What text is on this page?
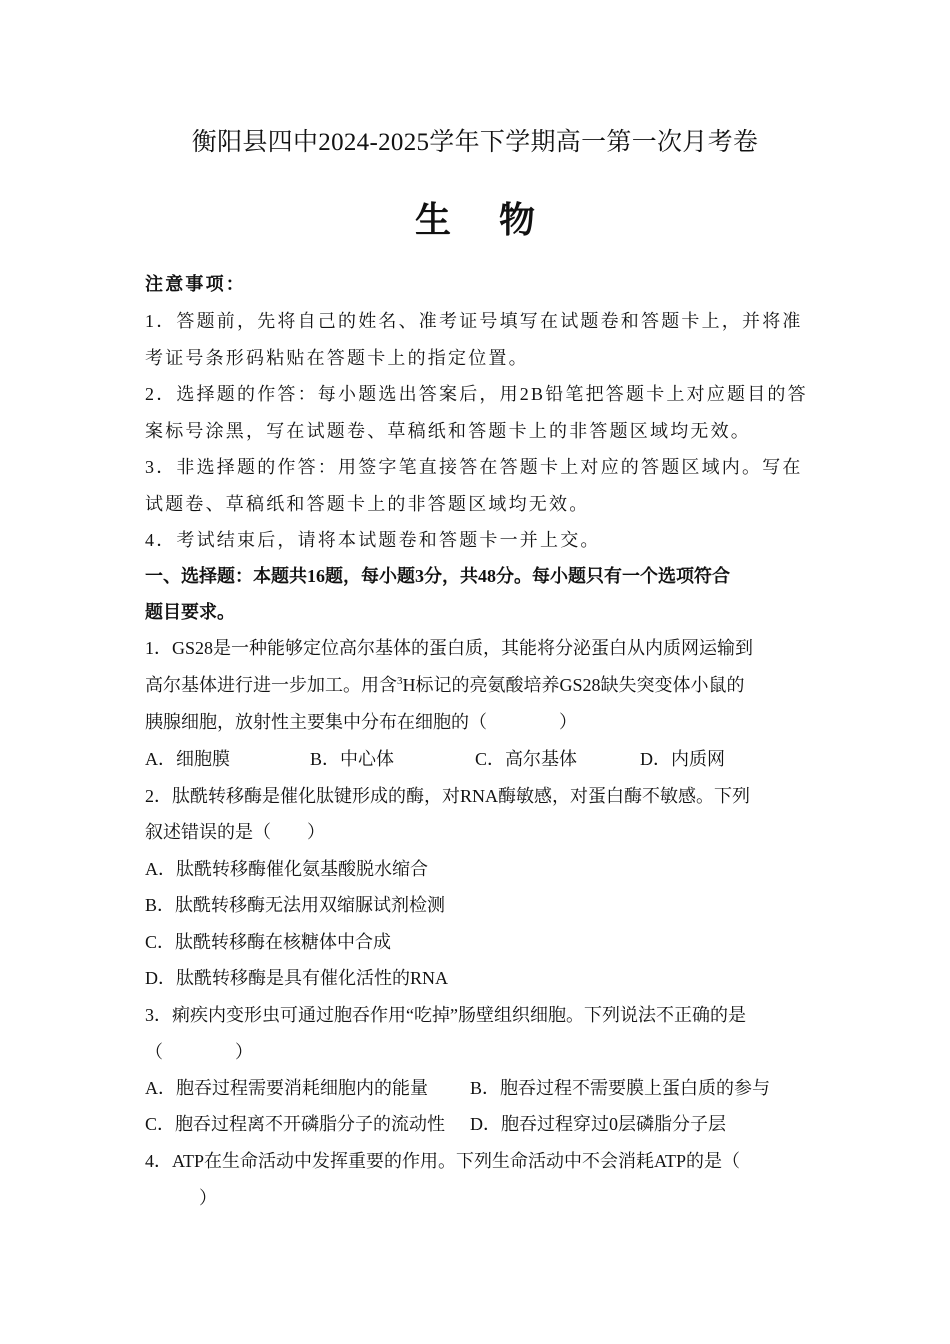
衡阳县四中2024-2025学年下学期高一第一次月考卷
生 物
注意事项：
1．答题前，先将自己的姓名、准考证号填写在试题卷和答题卡上，并将准
考证号条形码粘贴在答题卡上的指定位置。
2．选择题的作答：每小题选出答案后，用2B铅笔把答题卡上对应题目的答
案标号涂黑，写在试题卷、草稿纸和答题卡上的非答题区域均无效。
3．非选择题的作答：用签字笔直接答在答题卡上对应的答题区域内。写在
试题卷、草稿纸和答题卡上的非答题区域均无效。
4．考试结束后，请将本试题卷和答题卡一并上交。
一、选择题：本题共16题，每小题3分，共48分。每小题只有一个选项符合
题目要求。
1．GS28是一种能够定位高尔基体的蛋白质，其能将分泌蛋白从内质网运输到
高尔基体进行进一步加工。用含$^3$H标记的亮氨酸培养GS28缺失突变体小鼠的
胰腺细胞，放射性主要集中分布在细胞的（　　　　）
A．细胞膜	B．中心体	C．高尔基体	D．内质网
2．肽酰转移酶是催化肽键形成的酶，对RNA酶敏感，对蛋白酶不敏感。下列
叙述错误的是（　　）
A．肽酰转移酶催化氨基酸脱水缩合
B．肽酰转移酶无法用双缩脲试剂检测
C．肽酰转移酶在核糖体中合成
D．肽酰转移酶是具有催化活性的RNA
3．痢疾内变形虫可通过胞吞作用“吃掉”肠壁组织细胞。下列说法不正确的是
（　　　　）
A．胞吞过程需要消耗细胞内的能量 B．胞吞过程不需要膜上蛋白质的参与
C．胞吞过程离不开磷脂分子的流动性 D．胞吞过程穿过0层磷脂分子层
4．ATP在生命活动中发挥重要的作用。下列生命活动中不会消耗ATP的是（
　　　）
